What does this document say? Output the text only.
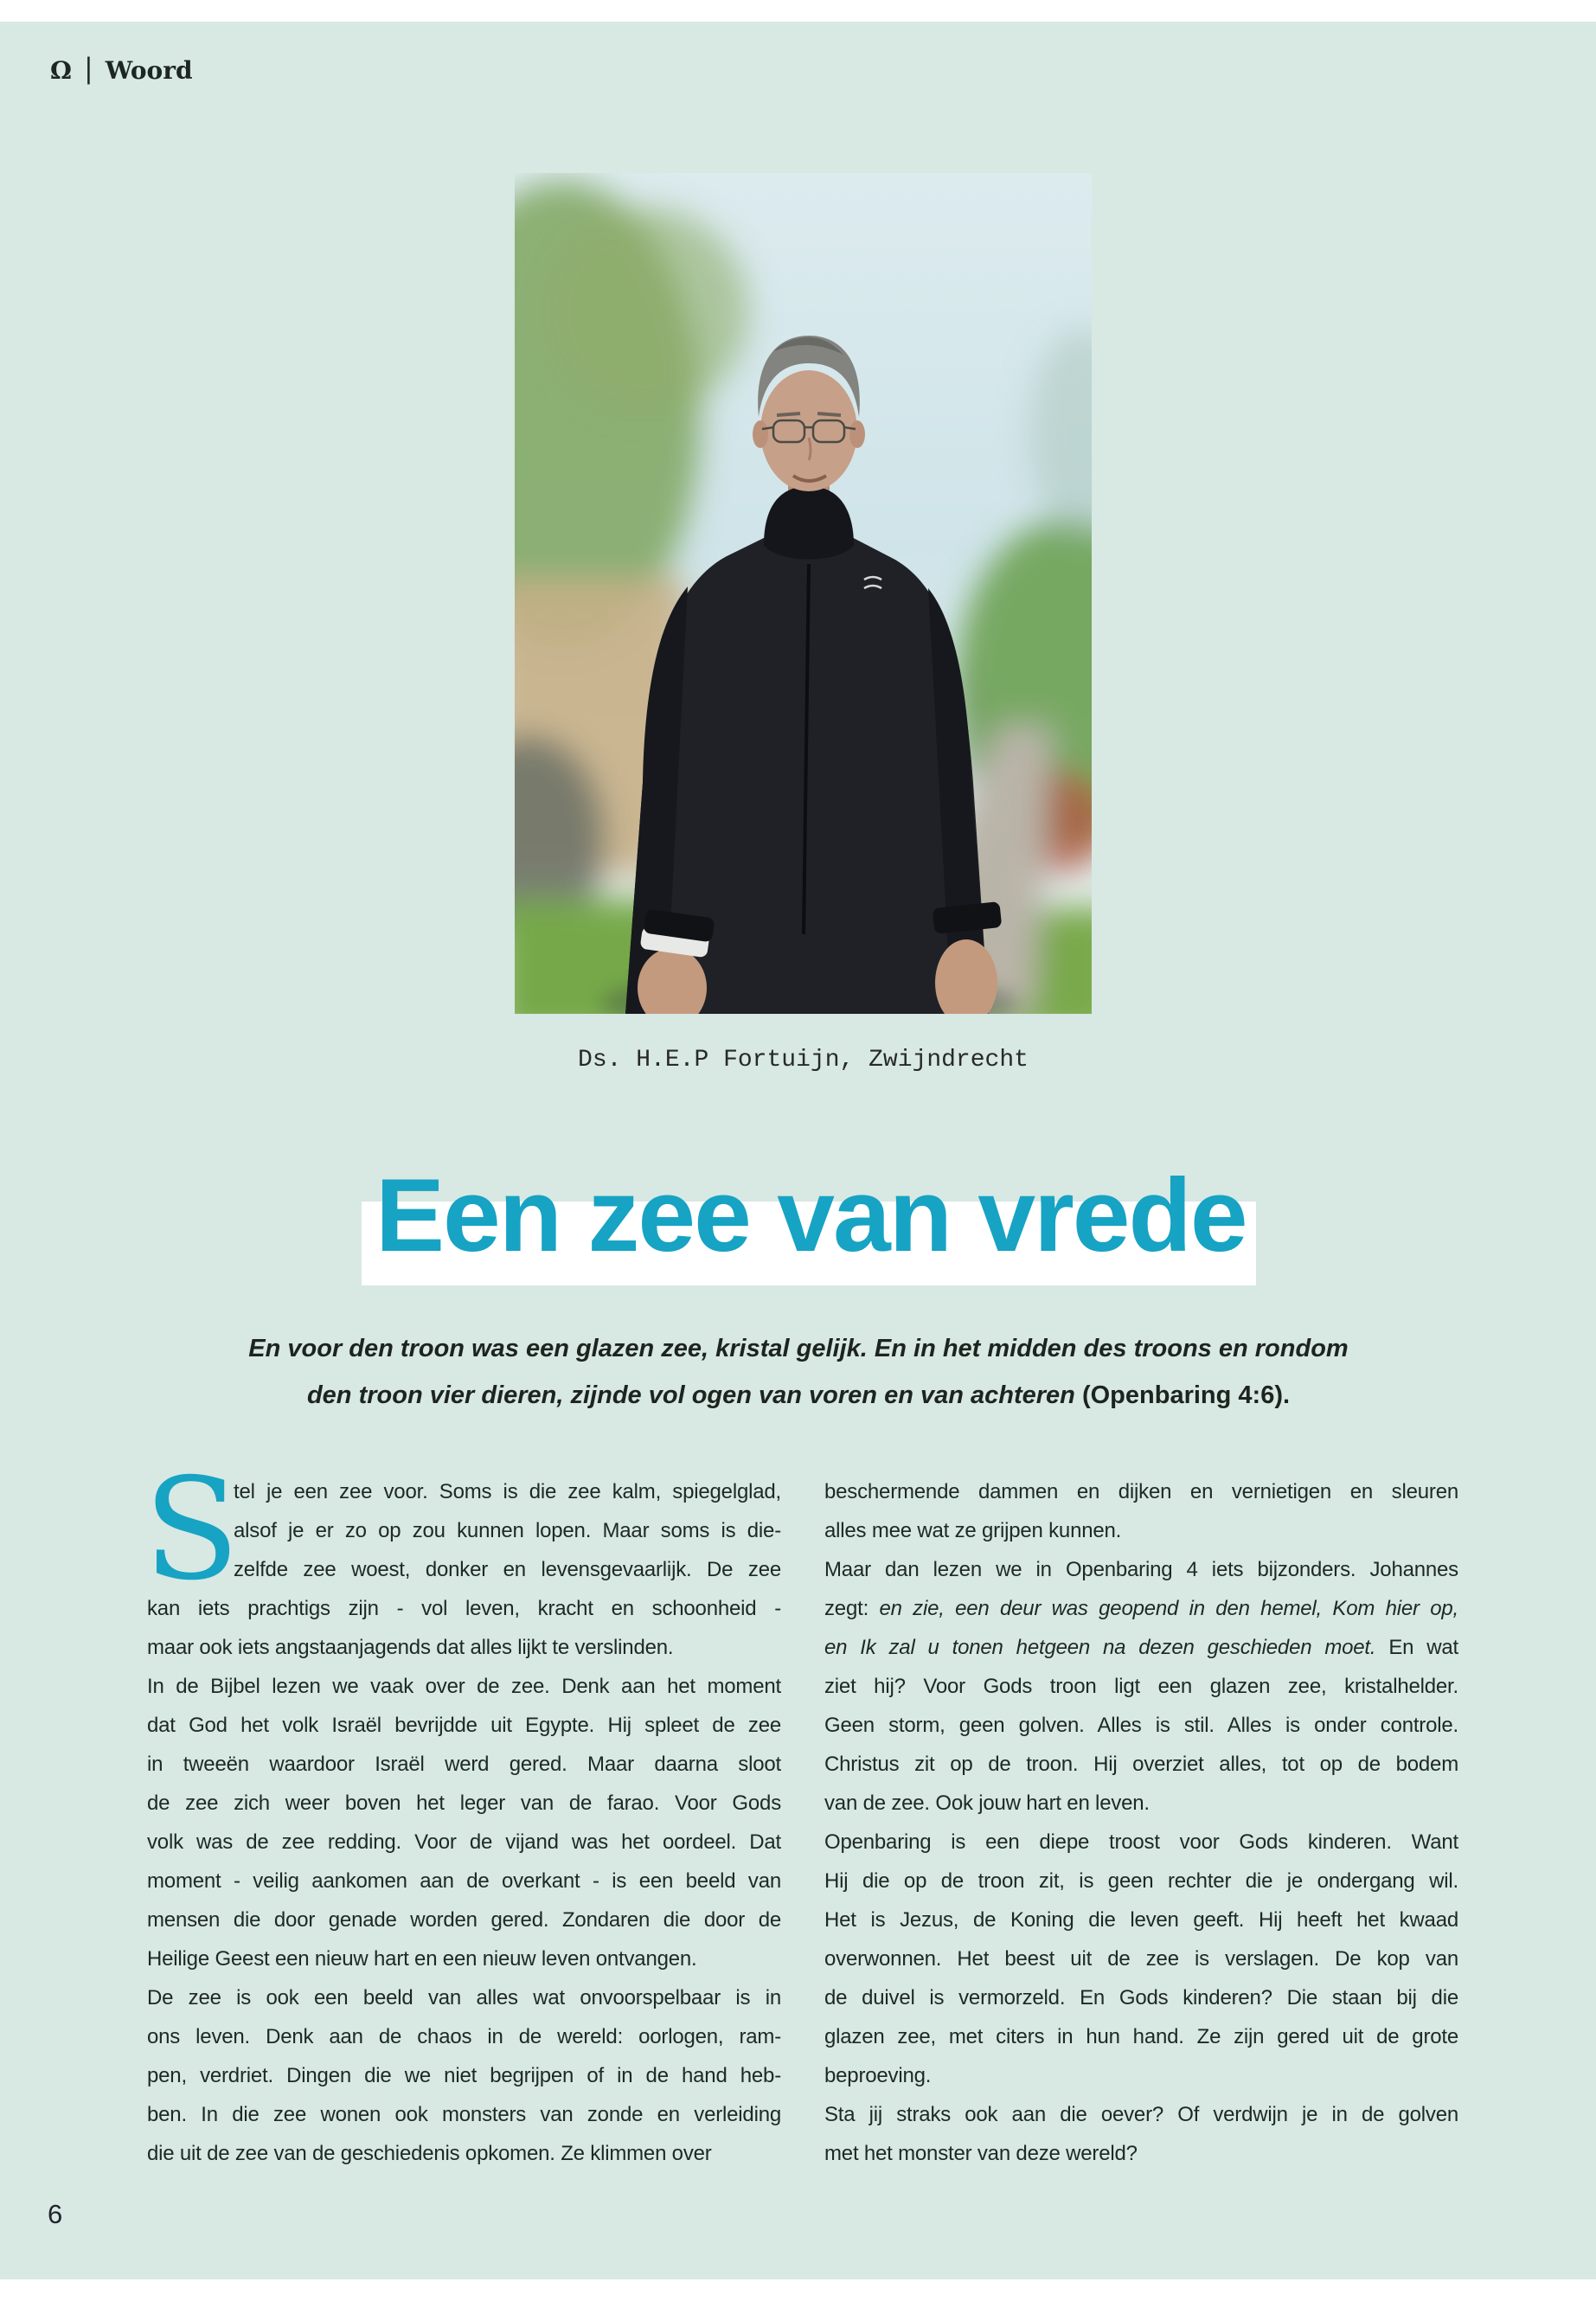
Ω | Woord
Ds. H.E.P Fortuijn, Zwijndrecht
Een zee van vrede
En voor den troon was een glazen zee, kristal gelijk. En in het midden des troons en rondom
den troon vier dieren, zijnde vol ogen van voren en van achteren (Openbaring 4:6).
S
tel je een zee voor. Soms is die zee kalm, spiegelglad,
alsof je er zo op zou kunnen lopen. Maar soms is die-
zelfde zee woest, donker en levensgevaarlijk. De zee
kan iets prachtigs zijn - vol leven, kracht en schoonheid -
maar ook iets angstaanjagends dat alles lijkt te verslinden.
In de Bijbel lezen we vaak over de zee. Denk aan het moment
dat God het volk Israël bevrijdde uit Egypte. Hij spleet de zee
in tweeën waardoor Israël werd gered. Maar daarna sloot
de zee zich weer boven het leger van de farao. Voor Gods
volk was de zee redding. Voor de vijand was het oordeel. Dat
moment - veilig aankomen aan de overkant - is een beeld van
mensen die door genade worden gered. Zondaren die door de
Heilige Geest een nieuw hart en een nieuw leven ontvangen.
De zee is ook een beeld van alles wat onvoorspelbaar is in
ons leven. Denk aan de chaos in de wereld: oorlogen, ram-
pen, verdriet. Dingen die we niet begrijpen of in de hand heb-
ben. In die zee wonen ook monsters van zonde en verleiding
die uit de zee van de geschiedenis opkomen. Ze klimmen over
beschermende dammen en dijken en vernietigen en sleuren
alles mee wat ze grijpen kunnen.
Maar dan lezen we in Openbaring 4 iets bijzonders. Johannes
zegt: en zie, een deur was geopend in den hemel, Kom hier op,
en Ik zal u tonen hetgeen na dezen geschieden moet. En wat
ziet hij? Voor Gods troon ligt een glazen zee, kristalhelder.
Geen storm, geen golven. Alles is stil. Alles is onder controle.
Christus zit op de troon. Hij overziet alles, tot op de bodem
van de zee. Ook jouw hart en leven.
Openbaring is een diepe troost voor Gods kinderen. Want
Hij die op de troon zit, is geen rechter die je ondergang wil.
Het is Jezus, de Koning die leven geeft. Hij heeft het kwaad
overwonnen. Het beest uit de zee is verslagen. De kop van
de duivel is vermorzeld. En Gods kinderen? Die staan bij die
glazen zee, met citers in hun hand. Ze zijn gered uit de grote
beproeving.
Sta jij straks ook aan die oever? Of verdwijn je in de golven
met het monster van deze wereld?
6
